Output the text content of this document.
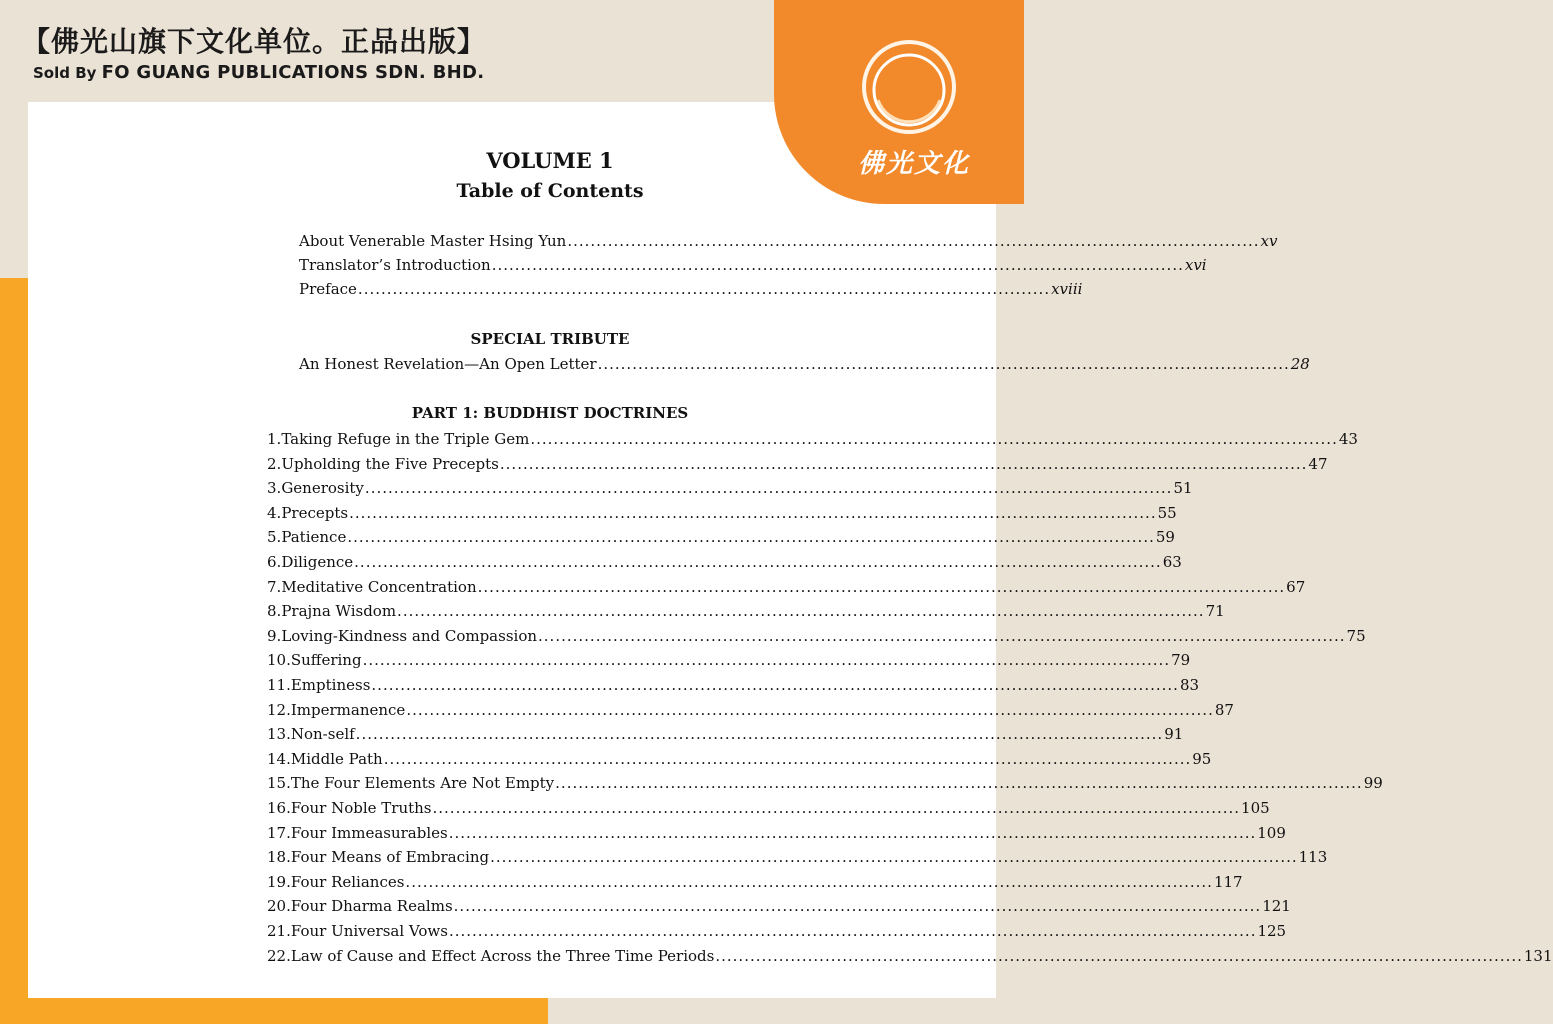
【佛光山旗下文化单位。正品出版】

Sold By FO GUANG PUBLICATIONS SDN. BHD.

佛光文化
VOLUME 1
Table of Contents
About Venerable Master Hsing Yun ........................................................................................................................ xv
Translator’s Introduction ........................................................................................................................ xvi
Preface ........................................................................................................................ xviii
SPECIAL TRIBUTE
An Honest Revelation—An Open Letter ........................................................................................................................ 28
PART 1: BUDDHIST DOCTRINES
1. Taking Refuge in the Triple Gem ............................................................................................................................................ 43
2. Upholding the Five Precepts ............................................................................................................................................ 47
3. Generosity ............................................................................................................................................ 51
4. Precepts ............................................................................................................................................ 55
5. Patience ............................................................................................................................................ 59
6. Diligence ............................................................................................................................................ 63
7. Meditative Concentration ............................................................................................................................................ 67
8. Prajna Wisdom ............................................................................................................................................ 71
9. Loving-Kindness and Compassion ............................................................................................................................................ 75
10. Suffering ............................................................................................................................................ 79
11. Emptiness ............................................................................................................................................ 83
12. Impermanence ............................................................................................................................................ 87
13. Non-self ............................................................................................................................................ 91
14. Middle Path ............................................................................................................................................ 95
15. The Four Elements Are Not Empty ............................................................................................................................................ 99
16. Four Noble Truths ............................................................................................................................................ 105
17. Four Immeasurables ............................................................................................................................................ 109
18. Four Means of Embracing ............................................................................................................................................ 113
19. Four Reliances ............................................................................................................................................ 117
20. Four Dharma Realms ............................................................................................................................................ 121
21. Four Universal Vows ............................................................................................................................................ 125
22. Law of Cause and Effect Across the Three Time Periods ............................................................................................................................................ 131
